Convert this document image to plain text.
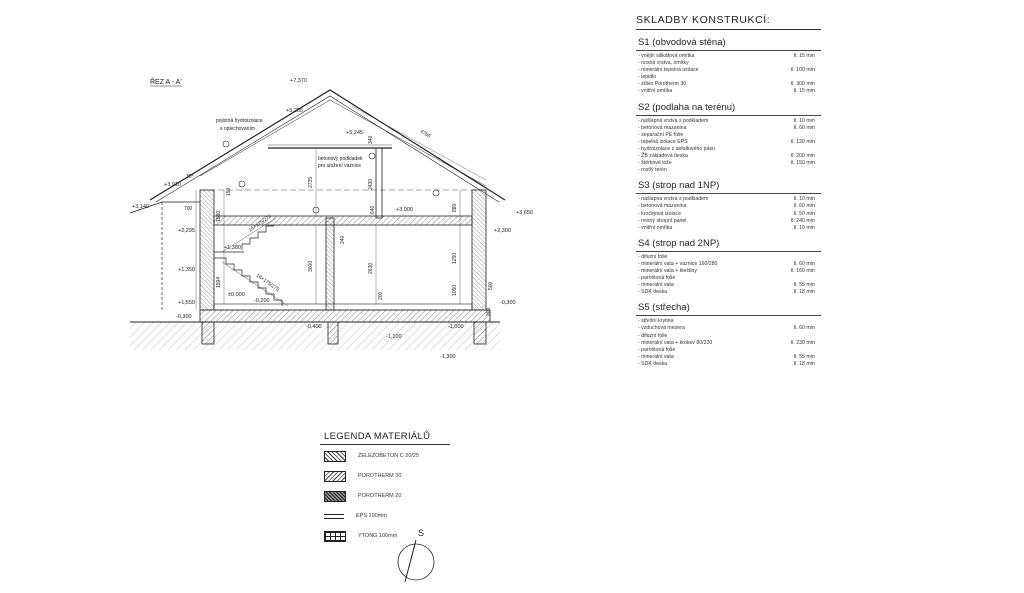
ŘEZ A - A'	+7,370
+5,205
+5,245
+3,910
+3,650
+3,000
+3,140
+2,295
+1,350
+1,550
+1,380
±0,000
-0,200
+2,300
-0,300
-0,300
-0,400	-1,000
-1,300
-1,100
4765
2735	2430
2630
3000
1580
1594
150
200
700
30°
1250
1050
880
640
300
240
340
500
pojistná hydroizolace
s oplechováním
betonový podkladek
pro uložení vaznice
16×175/275
16×175/275
S
SKLADBY KONSTRUKCÍ:
S1 (obvodová stěna)
- vnější silikátová omítka	tl. 15 mm
- nosná vrstva, omítky
- minerální tepelná izolace	tl. 100 mm
- lepidlo
- zdivo Porotherm 30	tl. 300 mm
- vnitřní omítka	tl. 15 mm
S2 (podlaha na terénu)
- nášlapná vrstva s podkladem	tl. 10 mm
- betonová mazanina	tl. 60 mm
- separační PE folie
- tepelná izolace EPS	tl. 130 mm
- hydroizolace z asfaltového pásu
- ŽB základová deska	tl. 200 mm
- štěrkové lože	tl. 150 mm
- rostlý terén
S3 (strop nad 1NP)
- nášlapná vrstva s podkladem	tl. 10 mm
- betonová mazanina	tl. 60 mm
- kročejová izolace	tl. 50 mm
- nosný stropní panel	tl. 240 mm
- vnitřní omítka	tl. 10 mm
S4 (strop nad 2NP)
- difuzní folie
- minerální vata + vaznice 160/280	tl. 60 mm
- minerální vata + kleštiny	tl. 160 mm
- parotěsná folie
- minerální vata	tl. 55 mm
- SDK deska	tl. 18 mm
S5 (střecha)
- střešní krytina
- vzduchová mezera	tl. 60 mm
- difuzní folie
- minerální vata + krokev 80/220	tl. 230 mm
- parotěsná folie
- minerální vata	tl. 55 mm
- SDK deska	tl. 18 mm
LEGENDA MATERIÁLŮ
ŽELEZOBETON C 20/25
POROTHERM 30
POROTHERM 20
EPS 100mm
YTONG 100mm
